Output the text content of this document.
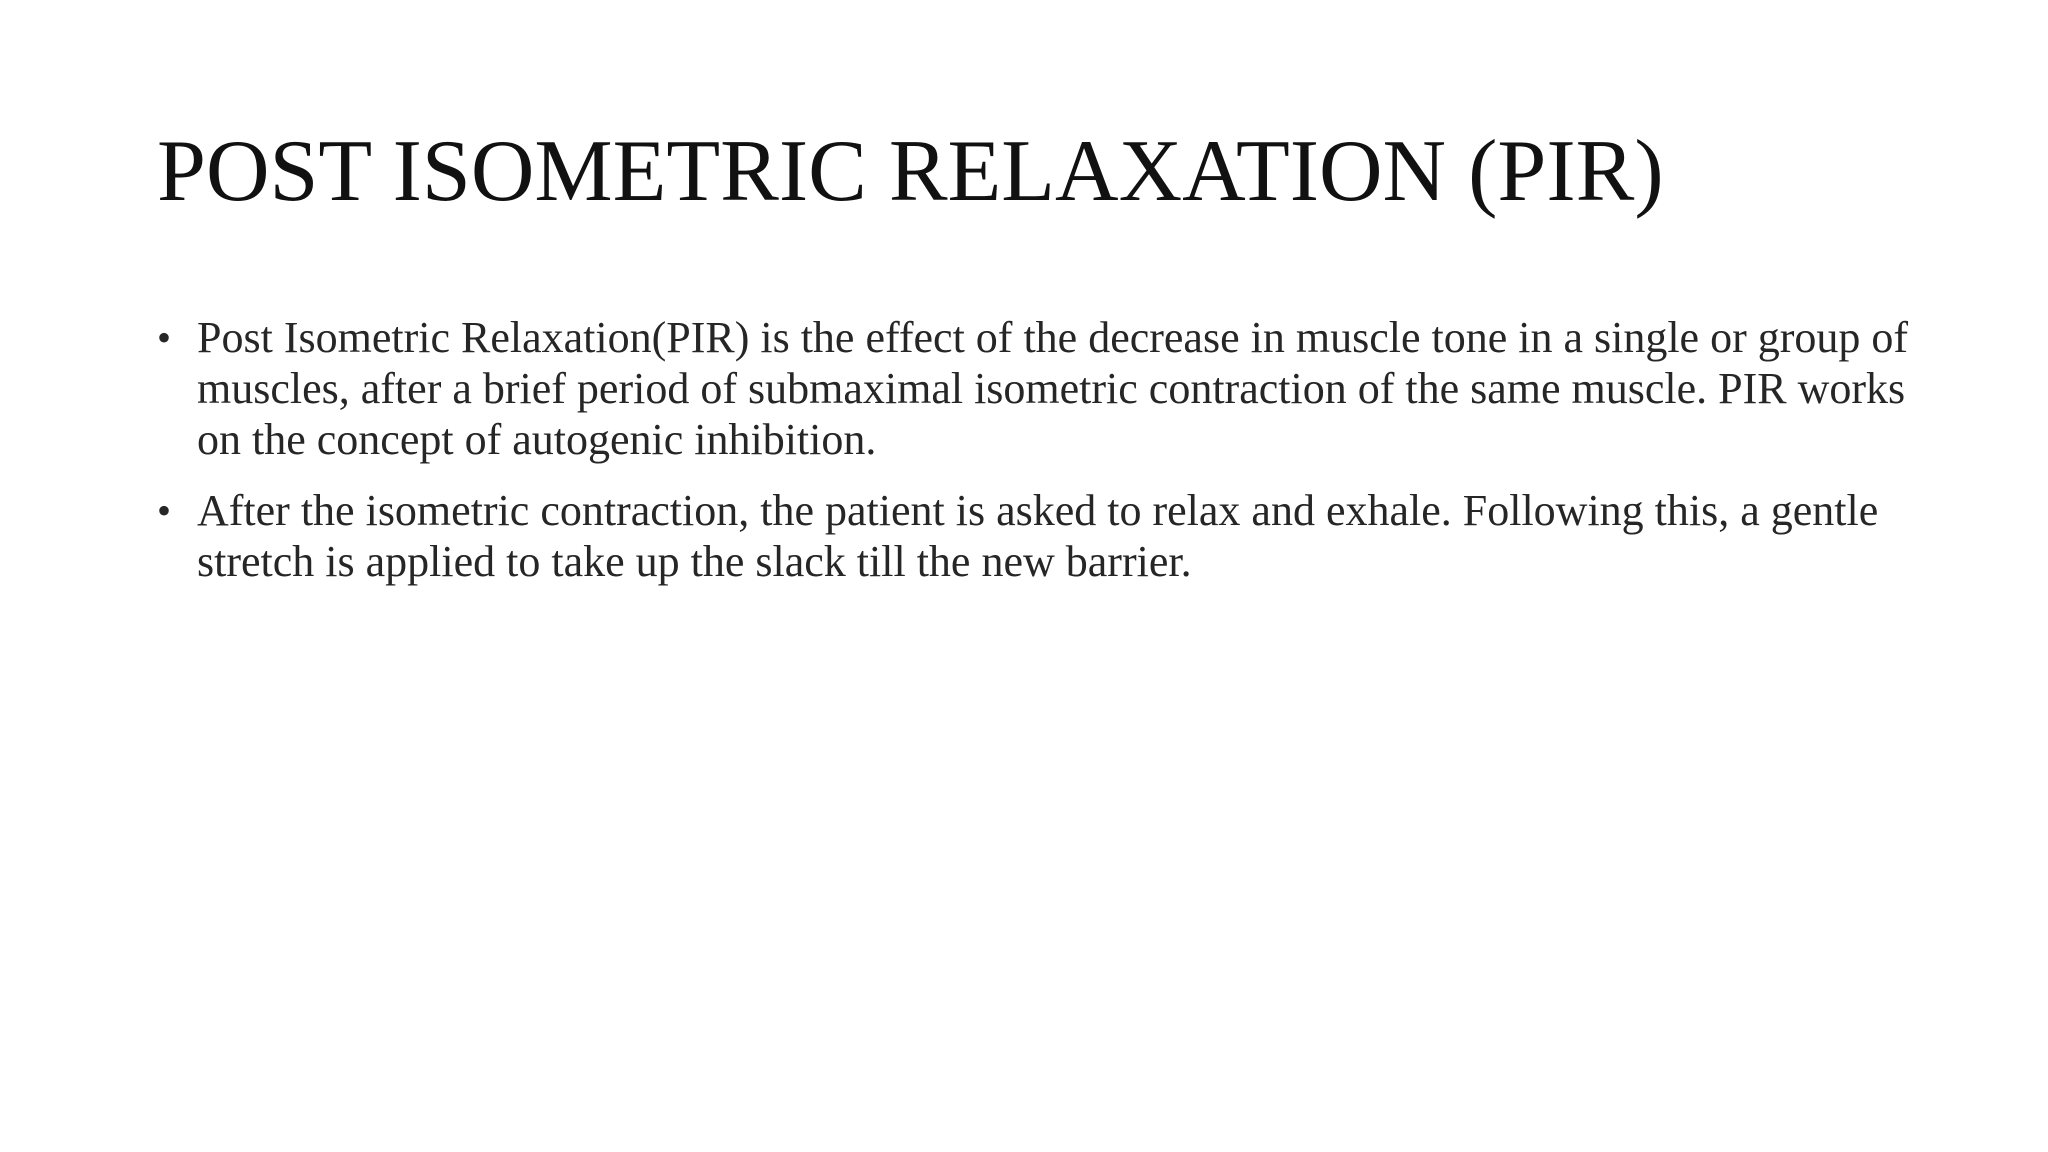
POST ISOMETRIC RELAXATION (PIR)
• Post Isometric Relaxation(PIR) is the effect of the decrease in muscle tone in a single or group of muscles, after a brief period of submaximal isometric contraction of the same muscle. PIR works on the concept of autogenic inhibition.
• After the isometric contraction, the patient is asked to relax and exhale. Following this, a gentle stretch is applied to take up the slack till the new barrier.
